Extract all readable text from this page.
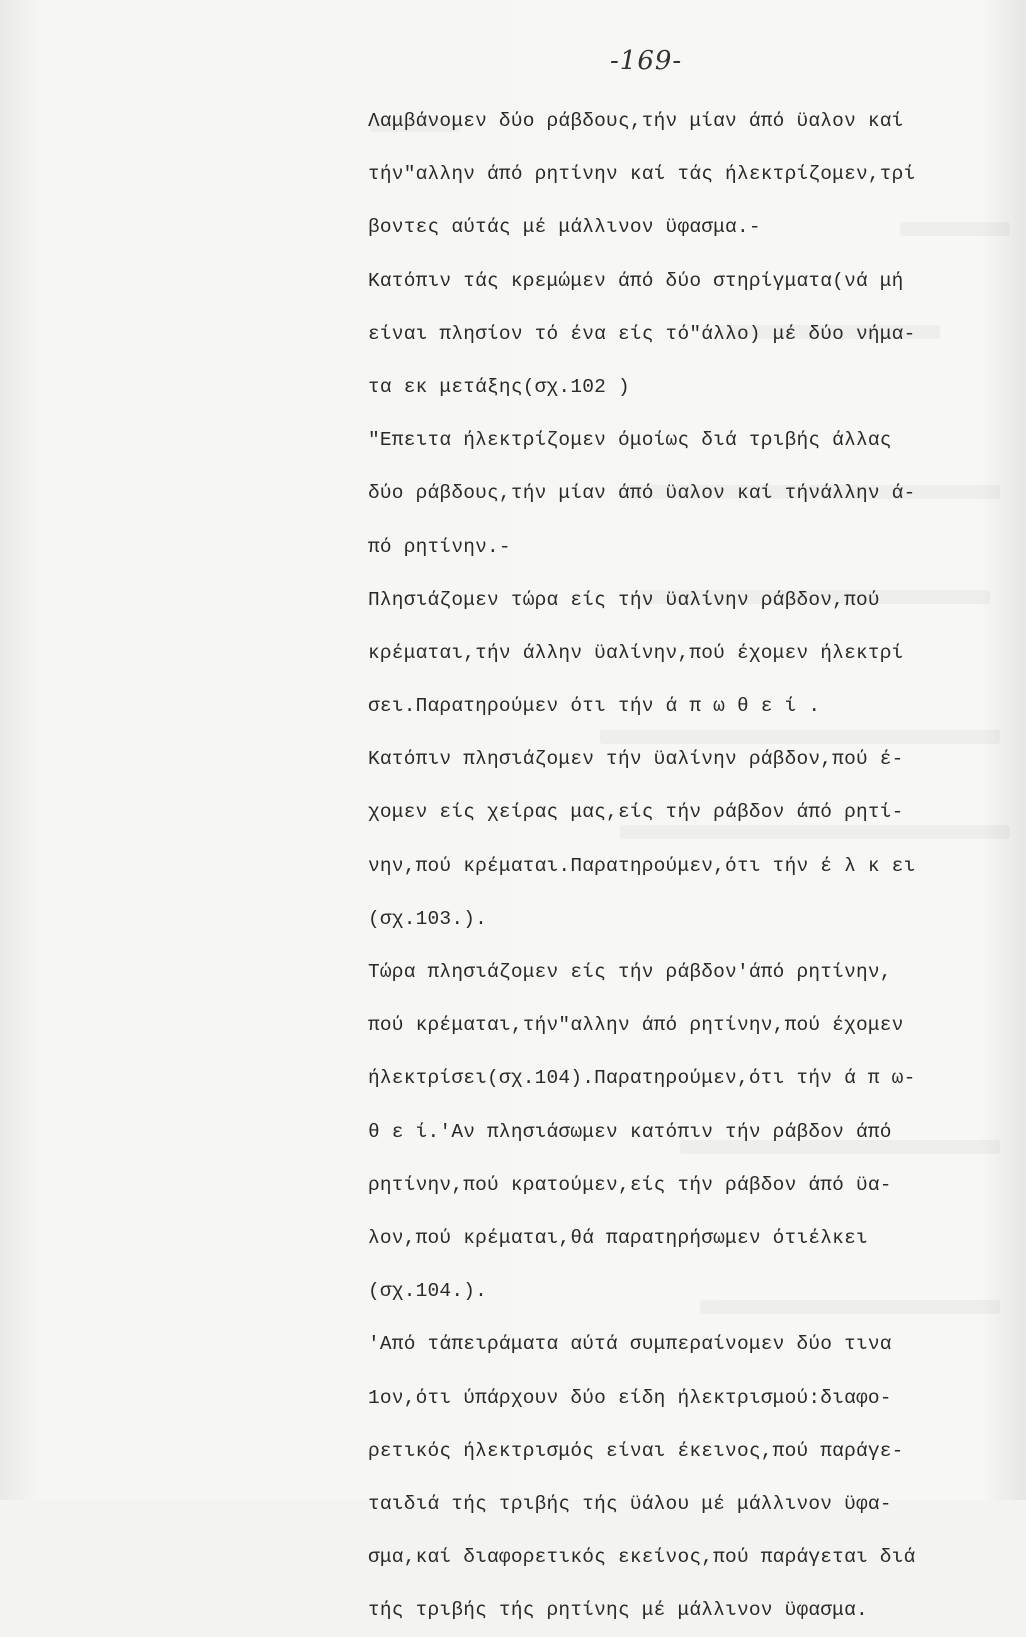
-169-
Λαμβάνομεν δύο ράβδους,τήν μίαν άπό ϋαλον καί
τήν"αλλην άπό ρητίνην καί τάς ήλεκτρίζομεν,τρί
βοντες αύτάς μέ μάλλινον ϋφασμα.-
Κατόπιν τάς κρεμώμεν άπό δύο στηρίγματα(νά μή
είναι πλησίον τό ένα είς τό"άλλο) μέ δύο νήμα-
τα εκ μετάξης(σχ.102 )
"Επειτα ήλεκτρίζομεν όμοίως διά τριβής άλλας
δύο ράβδους,τήν μίαν άπό ϋαλον καί τήνάλλην ά-
πό ρητίνην.-
Πλησιάζομεν τώρα είς τήν ϋαλίνην ράβδον,πού
κρέμαται,τήν άλλην ϋαλίνην,πού έχομεν ήλεκτρί
σει.Παρατηρούμεν ότι τήν ά π ω θ ε ί .
Κατόπιν πλησιάζομεν τήν ϋαλίνην ράβδον,πού έ-
χομεν είς χείρας μας,είς τήν ράβδον άπό ρητί-
νην,πού κρέμαται.Παρατηρούμεν,ότι τήν έ λ κ ει
(σχ.103.).
Τώρα πλησιάζομεν είς τήν ράβδον'άπό ρητίνην,
πού κρέμαται,τήν"αλλην άπό ρητίνην,πού έχομεν
ήλεκτρίσει(σχ.104).Παρατηρούμεν,ότι τήν ά π ω-
θ ε ί.'Αν πλησιάσωμεν κατόπιν τήν ράβδον άπό
ρητίνην,πού κρατούμεν,είς τήν ράβδον άπό ϋα-
λον,πού κρέμαται,θά παρατηρήσωμεν ότιέλκει
(σχ.104.).
'Από τάπειράματα αύτά συμπεραίνομεν δύο τινα
1ον,ότι ύπάρχουν δύο είδη ήλεκτρισμού:διαφο-
ρετικός ήλεκτρισμός είναι έκεινος,πού παράγε-
ταιδιά τής τριβής τής ϋάλου μέ μάλλινον ϋφα-
σμα,καί διαφορετικός εκείνος,πού παράγεται διά
τής τριβής τής ρητίνης μέ μάλλινον ϋφασμα.
